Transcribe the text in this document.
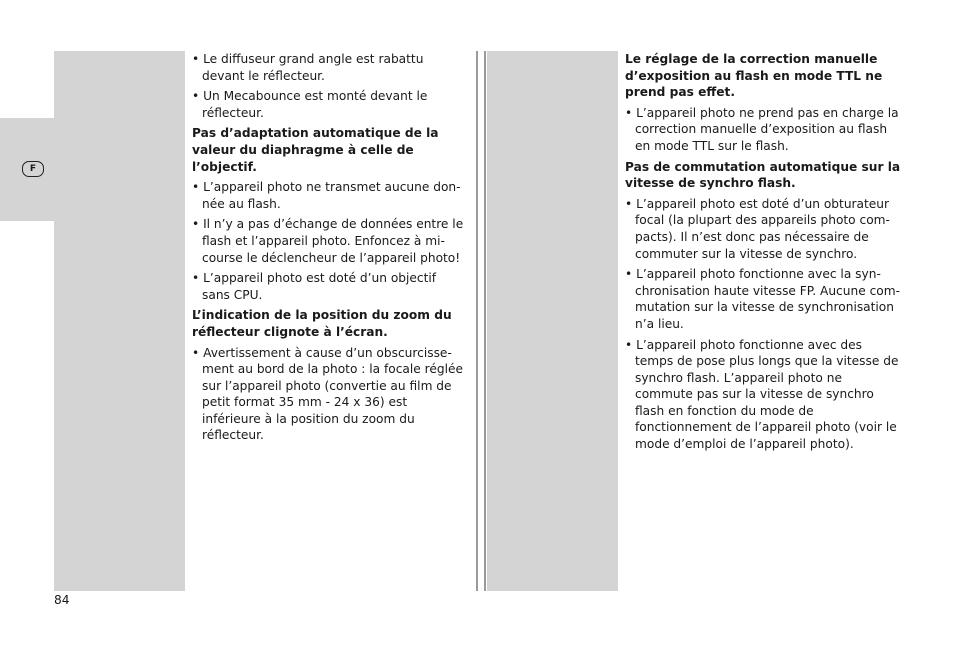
F

• Le diffuseur grand angle est rabattu devant le réflecteur.

• Un Mecabounce est monté devant le réflecteur.

Pas d’adaptation automatique de la valeur du diaphragme à celle de l’objectif.

• L’appareil photo ne transmet aucune donnée au flash.

• Il n’y a pas d’échange de données entre le flash et l’appareil photo. Enfoncez à mi-course le déclencheur de l’appareil photo!

• L’appareil photo est doté d’un objectif sans CPU.

L’indication de la position du zoom du réflecteur clignote à l’écran.

• Avertissement à cause d’un obscurcissement au bord de la photo : la focale réglée sur l’appareil photo (convertie au film de petit format 35 mm - 24 x 36) est inférieure à la position du zoom du réflecteur.

Le réglage de la correction manuelle d’exposition au flash en mode TTL ne prend pas effet.

• L’appareil photo ne prend pas en charge la correction manuelle d’exposition au flash en mode TTL sur le flash.

Pas de commutation automatique sur la vitesse de synchro flash.

• L’appareil photo est doté d’un obturateur focal (la plupart des appareils photo compacts). Il n’est donc pas nécessaire de commuter sur la vitesse de synchro.

• L’appareil photo fonctionne avec la synchronisation haute vitesse FP. Aucune commutation sur la vitesse de synchronisation n’a lieu.

• L’appareil photo fonctionne avec des temps de pose plus longs que la vitesse de synchro flash. L’appareil photo ne commute pas sur la vitesse de synchro flash en fonction du mode de fonctionnement de l’appareil photo (voir le mode d’emploi de l’appareil photo).

84
